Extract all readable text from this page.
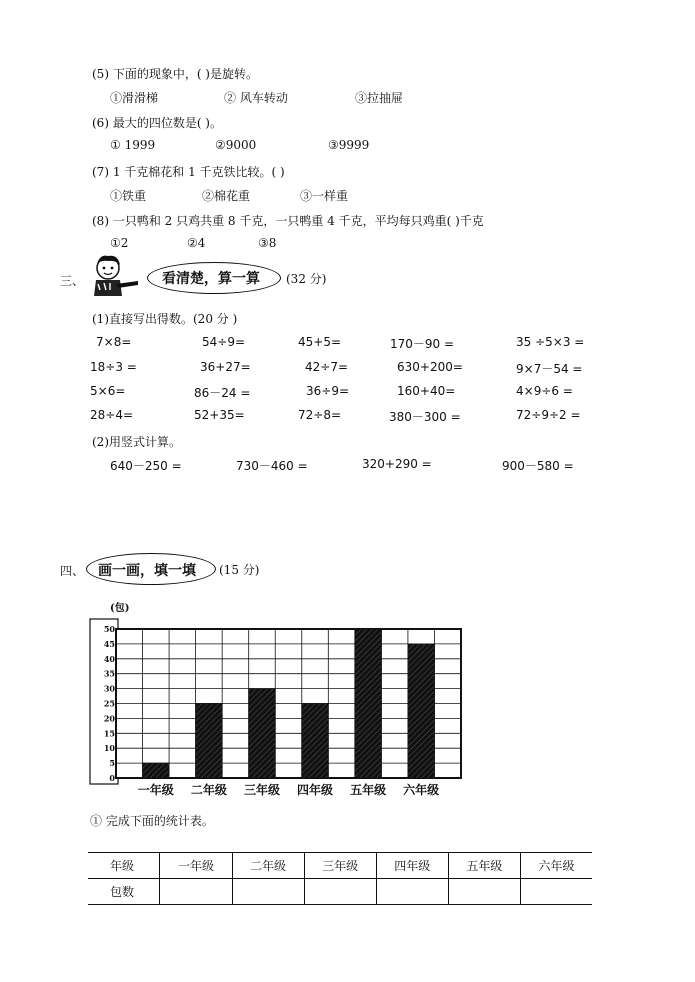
(5) 下面的现象中，( )是旋转。
①滑滑梯	② 风车转动	③拉抽屉
(6) 最大的四位数是( )。
① 1999	②9000	③9999
(7) 1 千克棉花和 1 千克铁比较。( )
①铁重	②棉花重	③一样重
(8) 一只鸭和 2 只鸡共重 8 千克，一只鸭重 4 千克，平均每只鸡重( )千克
①2	②4	③8
三、	看清楚，算一算 (32 分)
(1)直接写出得数。(20 分 )
7×8=	54÷9=	45+5=	170－90 =	35 ÷5×3 =
18÷3 =	36+27=	42÷7=	630+200=	9×7－54 =
5×6=	86－24 =	36÷9=	160+40=	4×9÷6 =
28÷4=	52+35=	72÷8=	380－300 =	72÷9÷2 =
(2)用竖式计算。
640－250 =	730－460 =	320+290 =	900－580 =
四、 画一画，填一填 (15 分)
(包)
0
5
10
15
20
25
30
35
40
45
50
一年级 二年级 三年级 四年级 五年级 六年级
① 完成下面的统计表。
年级	一年级	二年级	三年级	四年级	五年级	六年级
包数						
